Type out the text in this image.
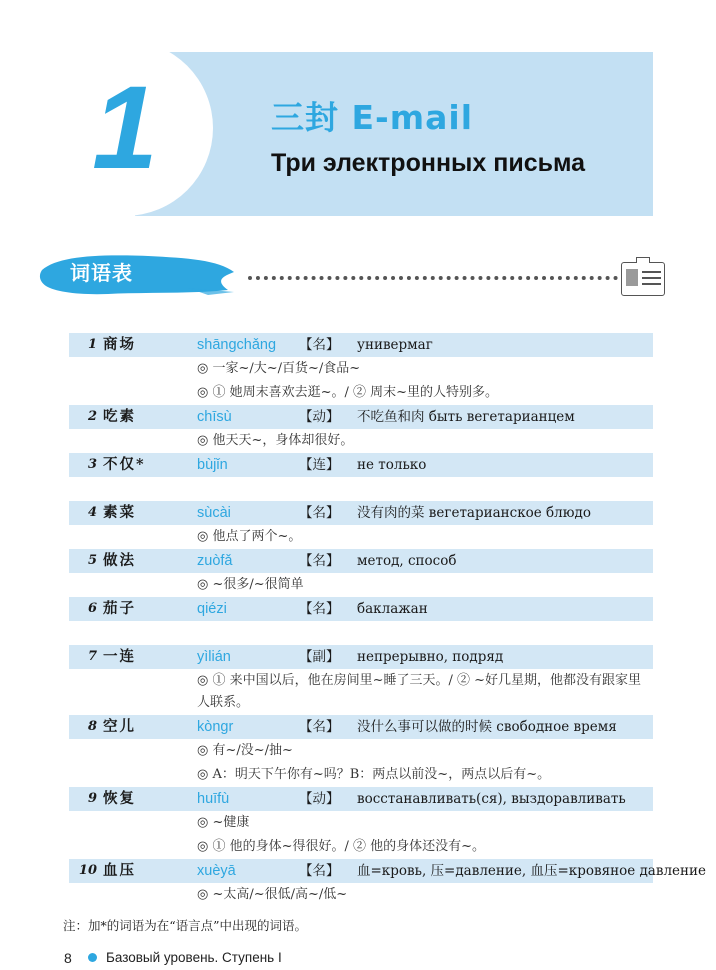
1	三封 E-mail
Три электронных письма
词语表
1 商场	shāngchǎng 【名】 универмаг
◎ 一家~/大~/百货~/食品~
◎ ① 她周末喜欢去逛~。/ ② 周末~里的人特别多。
2 吃素	chīsù	【动】 不吃鱼和肉 быть вегетарианцем
◎ 他天天~，身体却很好。
3 不仅*	bùjǐn	【连】 не только
4 素菜	sùcài	【名】 没有肉的菜 вегетарианское блюдо
◎ 他点了两个~。
5 做法	zuòfǎ	【名】 метод, способ
◎ ~很多/~很简单
6 茄子	qiézi	【名】 баклажан
7 一连	yìlián	【副】 непрерывно, подряд
◎ ① 来中国以后，他在房间里~睡了三天。/ ② ~好几星期，他都没有跟家里人联系。
8 空儿	kòngr	【名】 没什么事可以做的时候 свободное время
◎ 有~/没~/抽~
◎ A：明天下午你有~吗？B：两点以前没~，两点以后有~。
9 恢复	huīfù	【动】 восстанавливать(ся), выздоравливать
◎ ~健康
◎ ① 他的身体~得很好。/ ② 他的身体还没有~。
10 血压	xuèyā	【名】 血=кровь, 压=давление, 血压=кровяное давление
◎ ~太高/~很低/高~/低~
注：加*的词语为在“语言点”中出现的词语。
8	Базовый уровень. Ступень I
